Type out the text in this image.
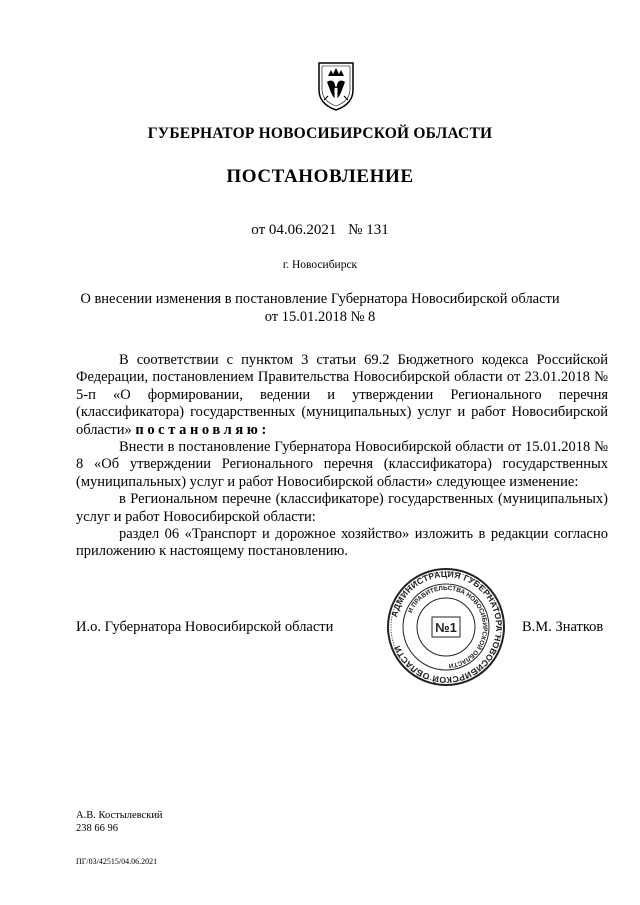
ГУБЕРНАТОР НОВОСИБИРСКОЙ ОБЛАСТИ
ПОСТАНОВЛЕНИЕ
от 04.06.2021 № 131
г. Новосибирск
О внесении изменения в постановление Губернатора Новосибирской области
от 15.01.2018 № 8

В соответствии с пунктом 3 статьи 69.2 Бюджетного кодекса Российской Федерации, постановлением Правительства Новосибирской области от 23.01.2018 № 5-п «О формировании, ведении и утверждении Регионального перечня (классификатора) государственных (муниципальных) услуг и работ Новосибирской области» постановляю:

Внести в постановление Губернатора Новосибирской области от 15.01.2018 № 8 «Об утверждении Регионального перечня (классификатора) государственных (муниципальных) услуг и работ Новосибирской области» следующее изменение:

в Региональном перечне (классификаторе) государственных (муниципальных) услуг и работ Новосибирской области:

раздел 06 «Транспорт и дорожное хозяйство» изложить в редакции согласно приложению к настоящему постановлению.

И.о. Губернатора Новосибирской области	В.М. Знатков
АДМИНИСТРАЦИЯ ГУБЕРНАТОРА НОВОСИБИРСКОЙ ОБЛАСТИ
И ПРАВИТЕЛЬСТВА НОВОСИБИРСКОЙ ОБЛАСТИ
№1
А.В. Костылевский
238 66 96
ПГ/03/42515/04.06.2021
